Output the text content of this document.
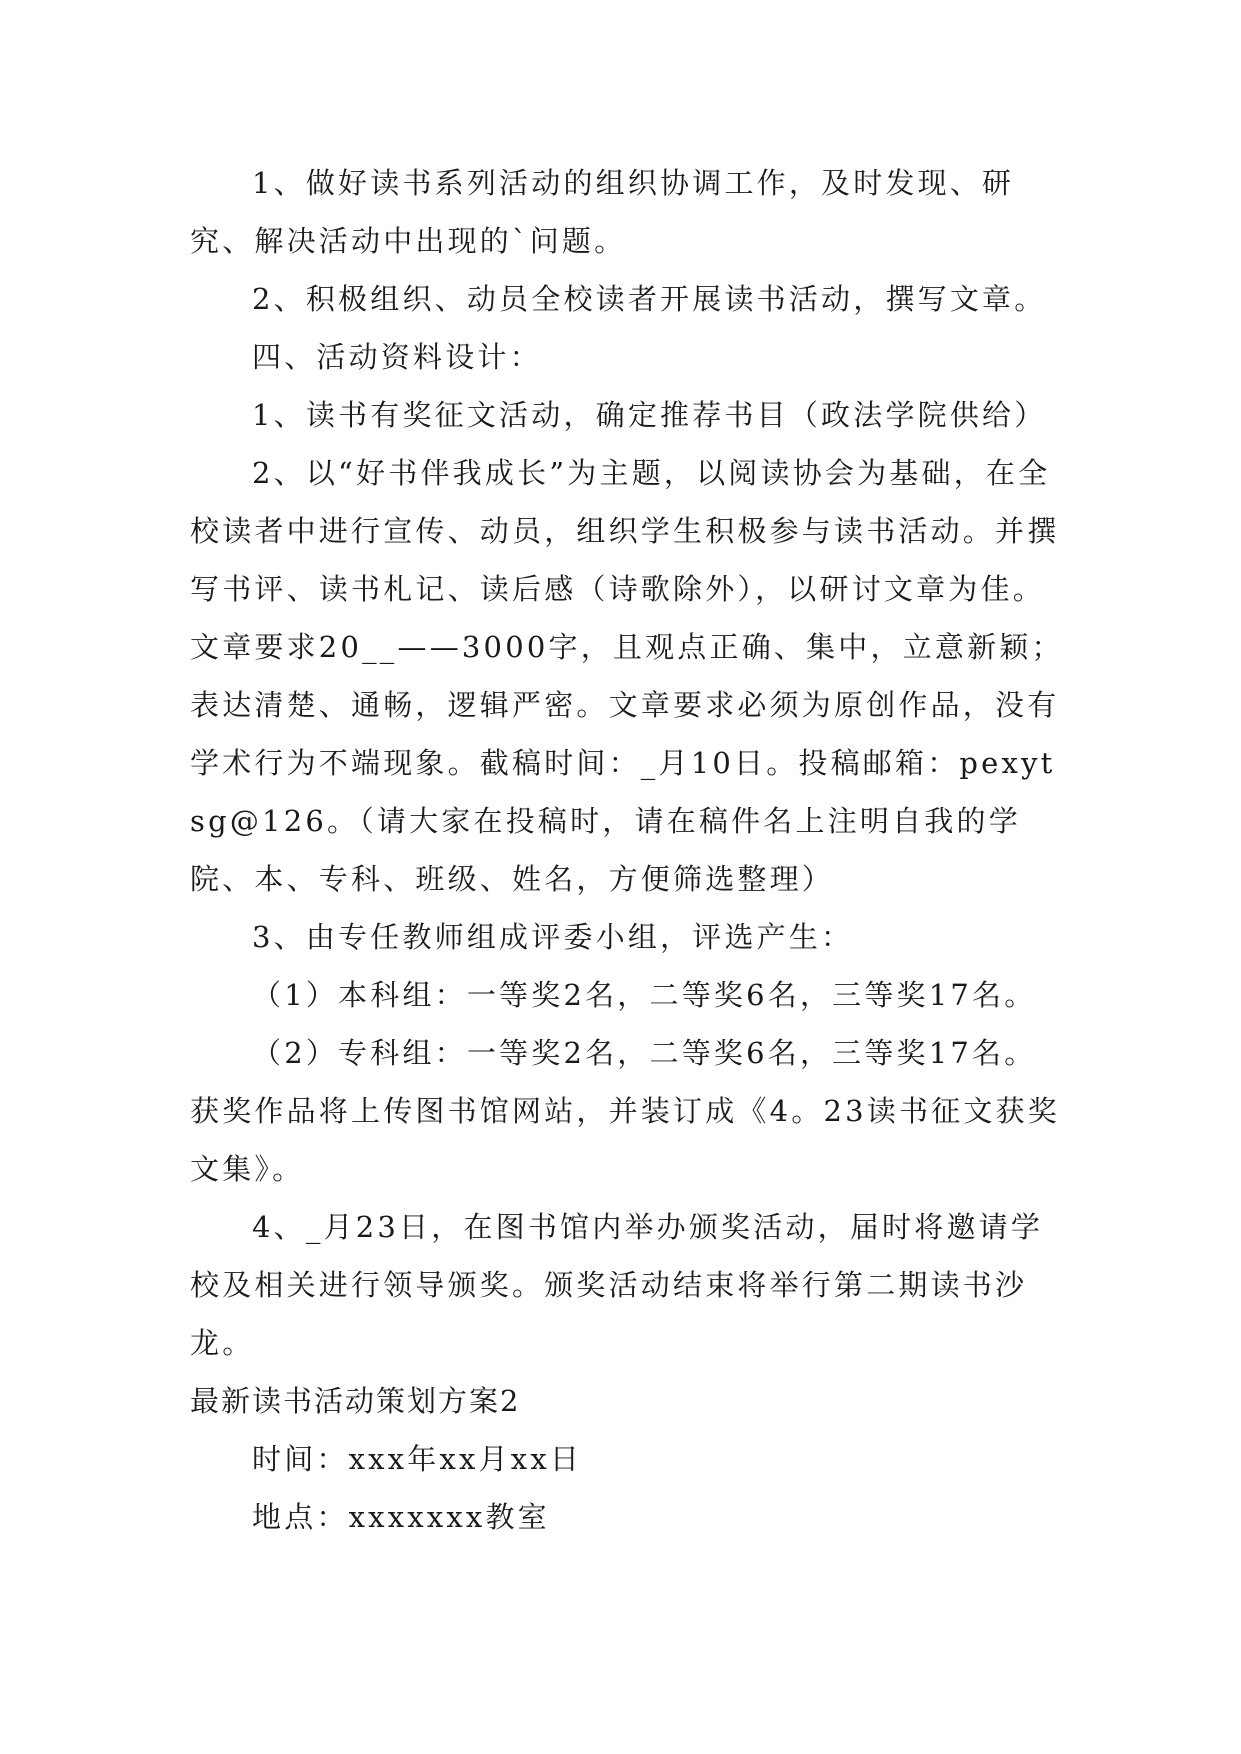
1、做好读书系列活动的组织协调工作，及时发现、研究、解决活动中出现的`问题。

2、积极组织、动员全校读者开展读书活动，撰写文章。

四、活动资料设计：

1、读书有奖征文活动，确定推荐书目（政法学院供给）

2、以“好书伴我成长”为主题，以阅读协会为基础，在全校读者中进行宣传、动员，组织学生积极参与读书活动。并撰写书评、读书札记、读后感（诗歌除外），以研讨文章为佳。文章要求20__——3000字，且观点正确、集中，立意新颖；表达清楚、通畅，逻辑严密。文章要求必须为原创作品，没有学术行为不端现象。截稿时间：_月10日。投稿邮箱：pexytsg@126。（请大家在投稿时，请在稿件名上注明自我的学院、本、专科、班级、姓名，方便筛选整理）

3、由专任教师组成评委小组，评选产生：

（1）本科组：一等奖2名，二等奖6名，三等奖17名。

（2）专科组：一等奖2名，二等奖6名，三等奖17名。

获奖作品将上传图书馆网站，并装订成《4。23读书征文获奖文集》。

4、_月23日，在图书馆内举办颁奖活动，届时将邀请学校及相关进行领导颁奖。颁奖活动结束将举行第二期读书沙龙。

最新读书活动策划方案2

时间：xxx年xx月xx日

地点：xxxxxxx教室
